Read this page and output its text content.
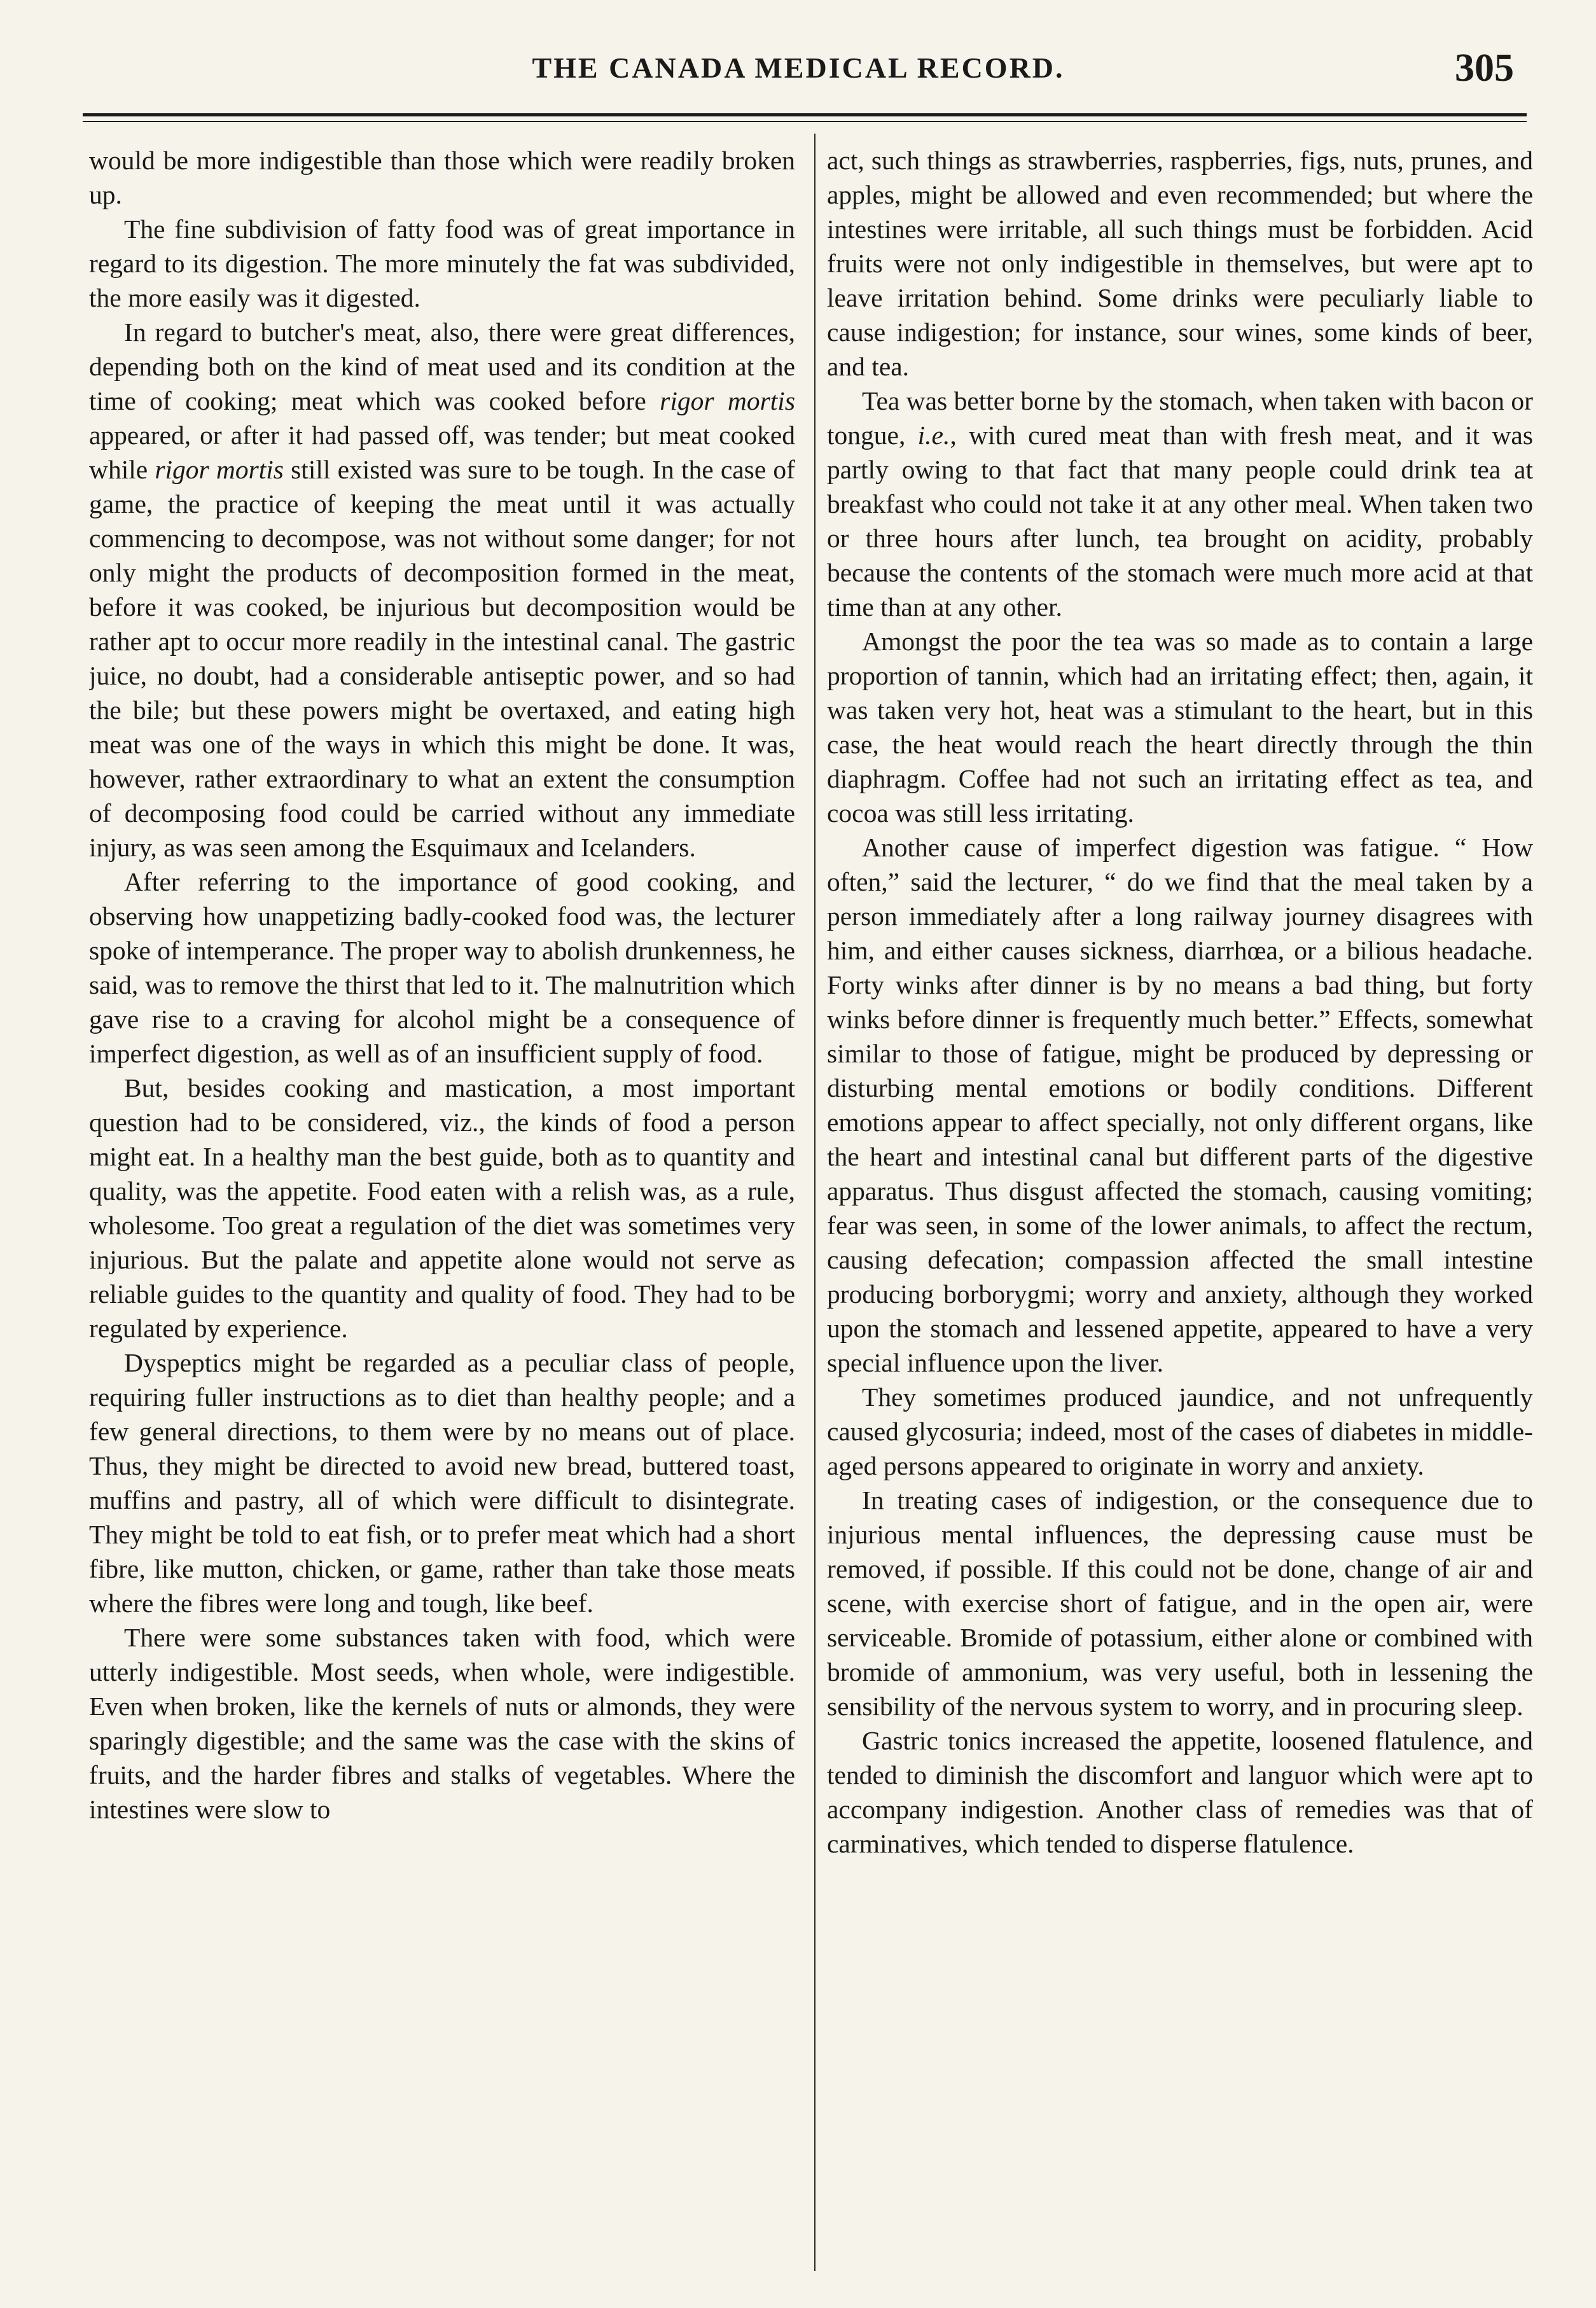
THE CANADA MEDICAL RECORD.	305

would be more indigestible than those which were readily broken up.

The fine subdivision of fatty food was of great importance in regard to its digestion. The more minutely the fat was subdivided, the more easily was it digested.

In regard to butcher's meat, also, there were great differences, depending both on the kind of meat used and its condition at the time of cooking; meat which was cooked before rigor mortis appeared, or after it had passed off, was tender; but meat cooked while rigor mortis still existed was sure to be tough. In the case of game, the practice of keeping the meat until it was actually commencing to decompose, was not without some danger; for not only might the products of decomposition formed in the meat, before it was cooked, be injurious but decomposition would be rather apt to occur more readily in the intestinal canal. The gastric juice, no doubt, had a considerable antiseptic power, and so had the bile; but these powers might be overtaxed, and eating high meat was one of the ways in which this might be done. It was, however, rather extraordinary to what an extent the consumption of decomposing food could be carried without any immediate injury, as was seen among the Esquimaux and Icelanders.

After referring to the importance of good cooking, and observing how unappetizing badly-cooked food was, the lecturer spoke of intemperance. The proper way to abolish drunkenness, he said, was to remove the thirst that led to it. The malnutrition which gave rise to a craving for alcohol might be a consequence of imperfect digestion, as well as of an insufficient supply of food.

But, besides cooking and mastication, a most important question had to be considered, viz., the kinds of food a person might eat. In a healthy man the best guide, both as to quantity and quality, was the appetite. Food eaten with a relish was, as a rule, wholesome. Too great a regulation of the diet was sometimes very injurious. But the palate and appetite alone would not serve as reliable guides to the quantity and quality of food. They had to be regulated by experience.

Dyspeptics might be regarded as a peculiar class of people, requiring fuller instructions as to diet than healthy people; and a few general directions, to them were by no means out of place. Thus, they might be directed to avoid new bread, buttered toast, muffins and pastry, all of which were difficult to disintegrate. They might be told to eat fish, or to prefer meat which had a short fibre, like mutton, chicken, or game, rather than take those meats where the fibres were long and tough, like beef.

There were some substances taken with food, which were utterly indigestible. Most seeds, when whole, were indigestible. Even when broken, like the kernels of nuts or almonds, they were sparingly digestible; and the same was the case with the skins of fruits, and the harder fibres and stalks of vegetables. Where the intestines were slow to

act, such things as strawberries, raspberries, figs, nuts, prunes, and apples, might be allowed and even recommended; but where the intestines were irritable, all such things must be forbidden. Acid fruits were not only indigestible in themselves, but were apt to leave irritation behind. Some drinks were peculiarly liable to cause indigestion; for instance, sour wines, some kinds of beer, and tea.

Tea was better borne by the stomach, when taken with bacon or tongue, i.e., with cured meat than with fresh meat, and it was partly owing to that fact that many people could drink tea at breakfast who could not take it at any other meal. When taken two or three hours after lunch, tea brought on acidity, probably because the contents of the stomach were much more acid at that time than at any other.

Amongst the poor the tea was so made as to contain a large proportion of tannin, which had an irritating effect; then, again, it was taken very hot, heat was a stimulant to the heart, but in this case, the heat would reach the heart directly through the thin diaphragm. Coffee had not such an irritating effect as tea, and cocoa was still less irritating.

Another cause of imperfect digestion was fatigue. “ How often,” said the lecturer, “ do we find that the meal taken by a person immediately after a long railway journey disagrees with him, and either causes sickness, diarrhœa, or a bilious headache. Forty winks after dinner is by no means a bad thing, but forty winks before dinner is frequently much better.” Effects, somewhat similar to those of fatigue, might be produced by depressing or disturbing mental emotions or bodily conditions. Different emotions appear to affect specially, not only different organs, like the heart and intestinal canal but different parts of the digestive apparatus. Thus disgust affected the stomach, causing vomiting; fear was seen, in some of the lower animals, to affect the rectum, causing defecation; compassion affected the small intestine producing borborygmi; worry and anxiety, although they worked upon the stomach and lessened appetite, appeared to have a very special influence upon the liver.

They sometimes produced jaundice, and not unfrequently caused glycosuria; indeed, most of the cases of diabetes in middle-aged persons appeared to originate in worry and anxiety.

In treating cases of indigestion, or the consequence due to injurious mental influences, the depressing cause must be removed, if possible. If this could not be done, change of air and scene, with exercise short of fatigue, and in the open air, were serviceable. Bromide of potassium, either alone or combined with bromide of ammonium, was very useful, both in lessening the sensibility of the nervous system to worry, and in procuring sleep.

Gastric tonics increased the appetite, loosened flatulence, and tended to diminish the discomfort and languor which were apt to accompany indigestion. Another class of remedies was that of carminatives, which tended to disperse flatulence.
